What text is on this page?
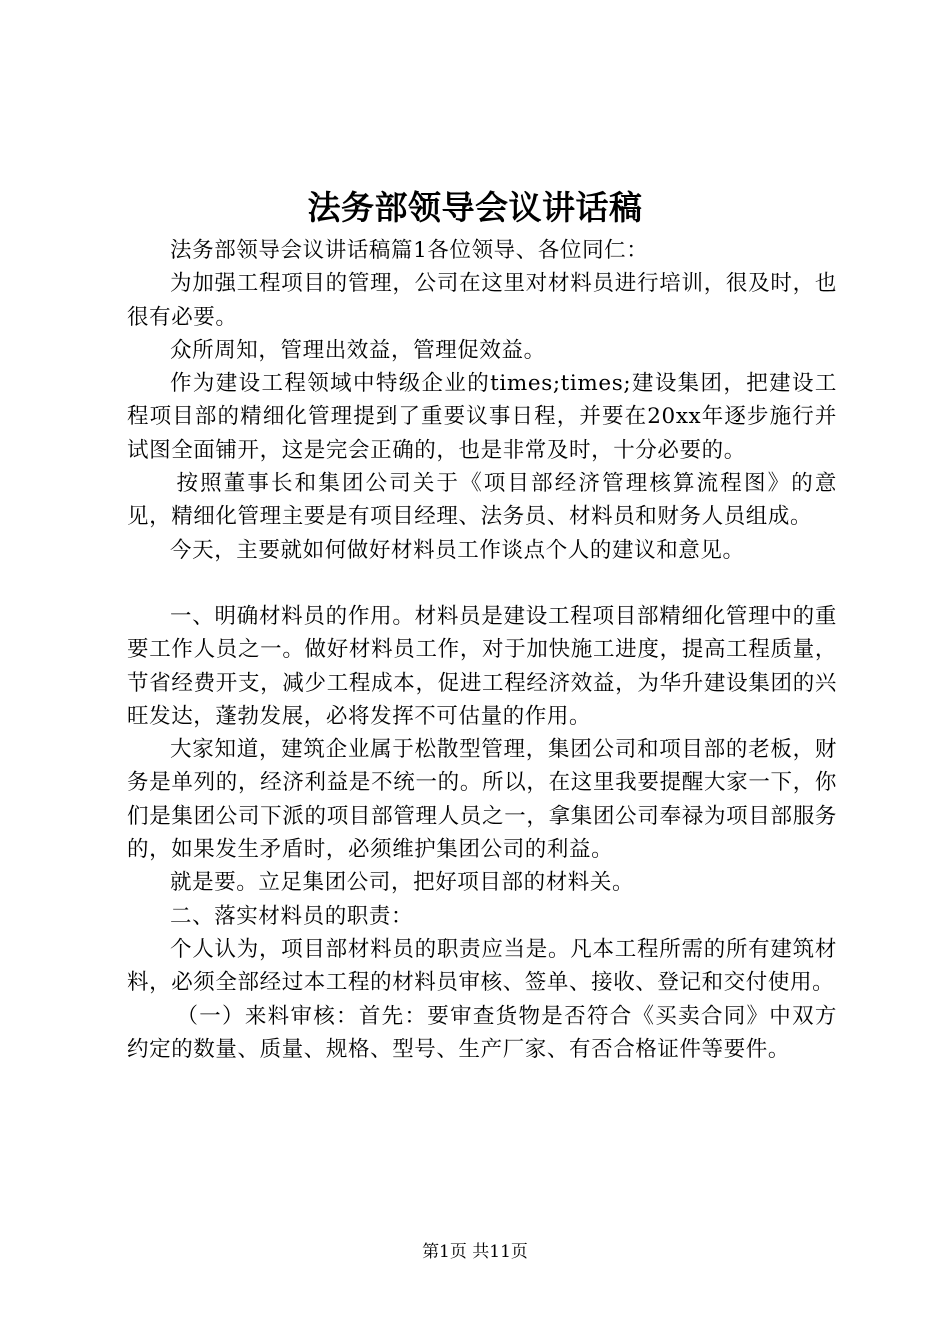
法务部领导会议讲话稿

法务部领导会议讲话稿篇1各位领导、各位同仁：

为加强工程项目的管理，公司在这里对材料员进行培训，很及时，也很有必要。

众所周知，管理出效益，管理促效益。

作为建设工程领域中特级企业的times;times;建设集团，把建设工程项目部的精细化管理提到了重要议事日程，并要在20xx年逐步施行并试图全面铺开，这是完会正确的，也是非常及时，十分必要的。

按照董事长和集团公司关于《项目部经济管理核算流程图》的意见，精细化管理主要是有项目经理、法务员、材料员和财务人员组成。

今天，主要就如何做好材料员工作谈点个人的建议和意见。

一、明确材料员的作用。材料员是建设工程项目部精细化管理中的重要工作人员之一。做好材料员工作，对于加快施工进度，提高工程质量，节省经费开支，减少工程成本，促进工程经济效益，为华升建设集团的兴旺发达，蓬勃发展，必将发挥不可估量的作用。

大家知道，建筑企业属于松散型管理，集团公司和项目部的老板，财务是单列的，经济利益是不统一的。所以，在这里我要提醒大家一下，你们是集团公司下派的项目部管理人员之一，拿集团公司奉禄为项目部服务的，如果发生矛盾时，必须维护集团公司的利益。

就是要。立足集团公司，把好项目部的材料关。

二、落实材料员的职责：

个人认为，项目部材料员的职责应当是。凡本工程所需的所有建筑材料，必须全部经过本工程的材料员审核、签单、接收、登记和交付使用。

（一）来料审核：首先：要审查货物是否符合《买卖合同》中双方约定的数量、质量、规格、型号、生产厂家、有否合格证件等要件。

第1页 共11页
